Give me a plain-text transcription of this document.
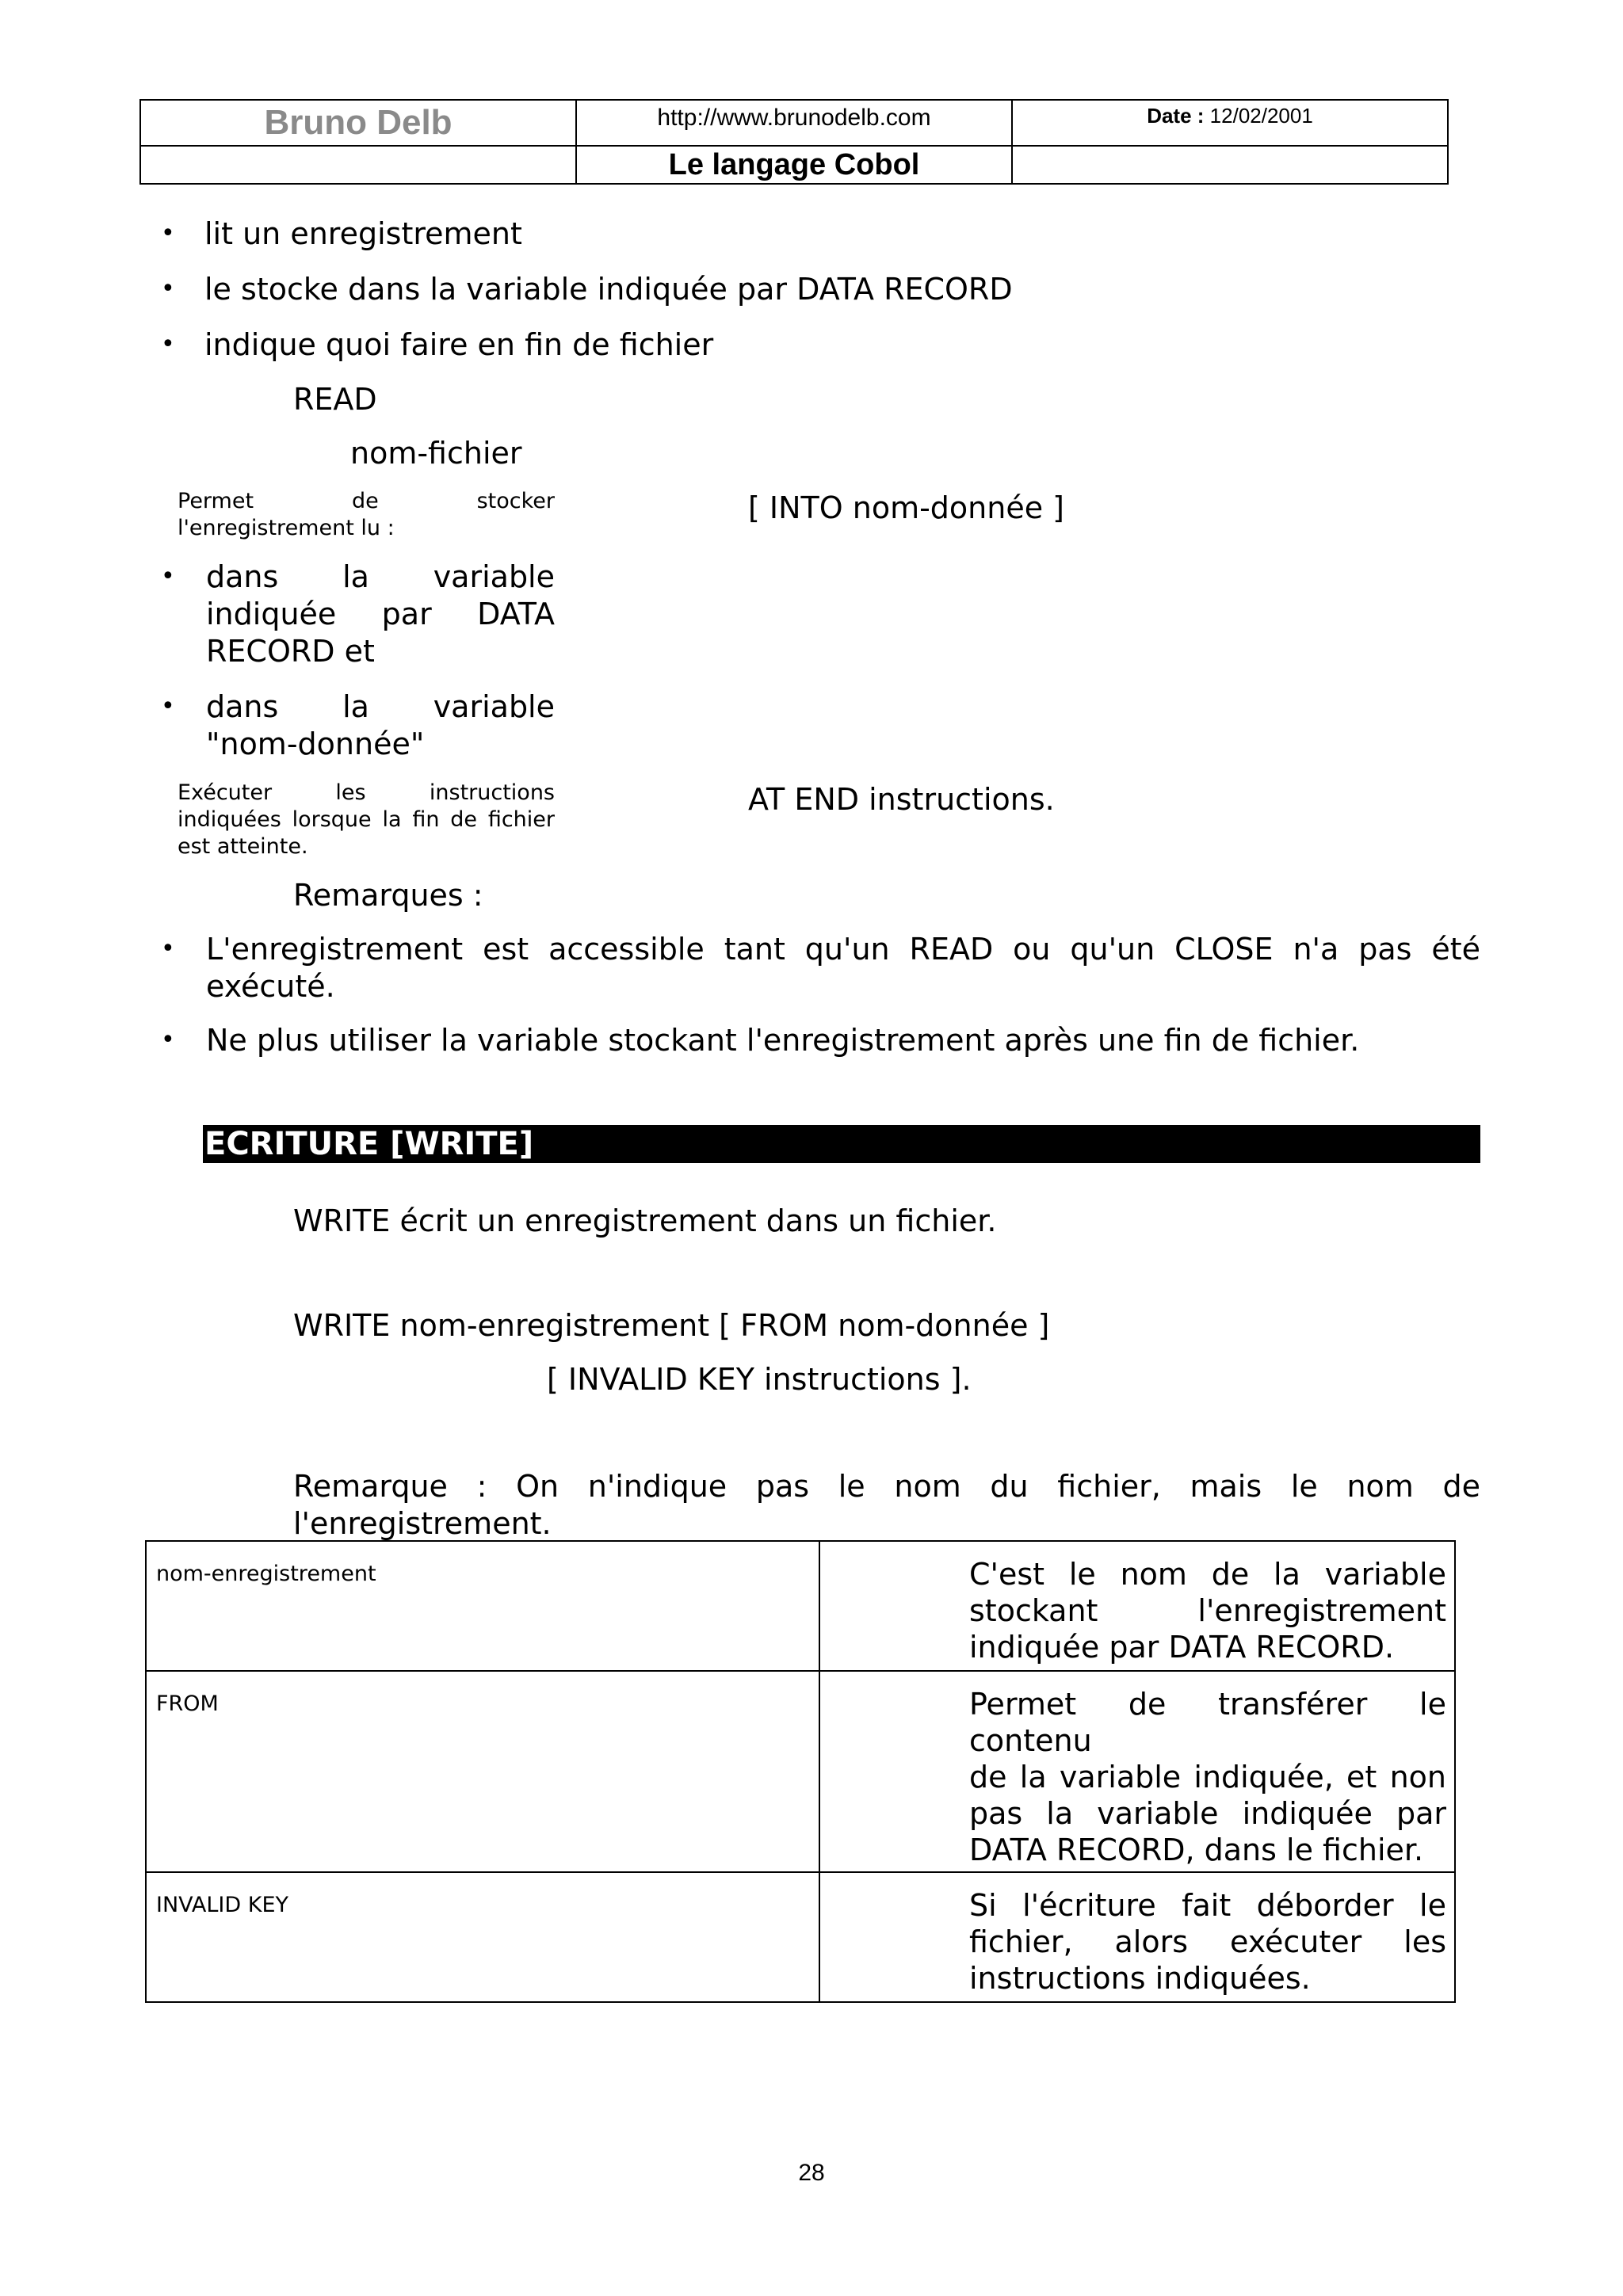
Bruno Delb	http://www.brunodelb.com	Date : 12/02/2001

	Le langage Cobol	

• lit un enregistrement
• le stocke dans la variable indiquée par DATA RECORD
• indique quoi faire en fin de fichier
READ
nom-fichier
Permet de stocker
l'enregistrement lu :
[ INTO nom-donnée ]
• dans la variable
indiquée par DATA
RECORD et
• dans la variable
"nom-donnée"
Exécuter les instructions
indiquées lorsque la fin de fichier
est atteinte.
AT END instructions.
Remarques :
• L'enregistrement est accessible tant qu'un READ ou qu'un CLOSE n'a pas été
exécuté.
• Ne plus utiliser la variable stockant l'enregistrement après une fin de fichier.
ECRITURE [WRITE]
WRITE écrit un enregistrement dans un fichier.
WRITE nom-enregistrement [ FROM nom-donnée ]
[ INVALID KEY instructions ].
Remarque : On n'indique pas le nom du fichier, mais le nom de
l'enregistrement.
nom-enregistrement	C'est le nom de la variable
stockant l'enregistrement
indiquée par DATA RECORD.

FROM	Permet de transférer le contenu
de la variable indiquée, et non
pas la variable indiquée par
DATA RECORD, dans le fichier.

INVALID KEY	Si l'écriture fait déborder le
fichier, alors exécuter les
instructions indiquées.
28
